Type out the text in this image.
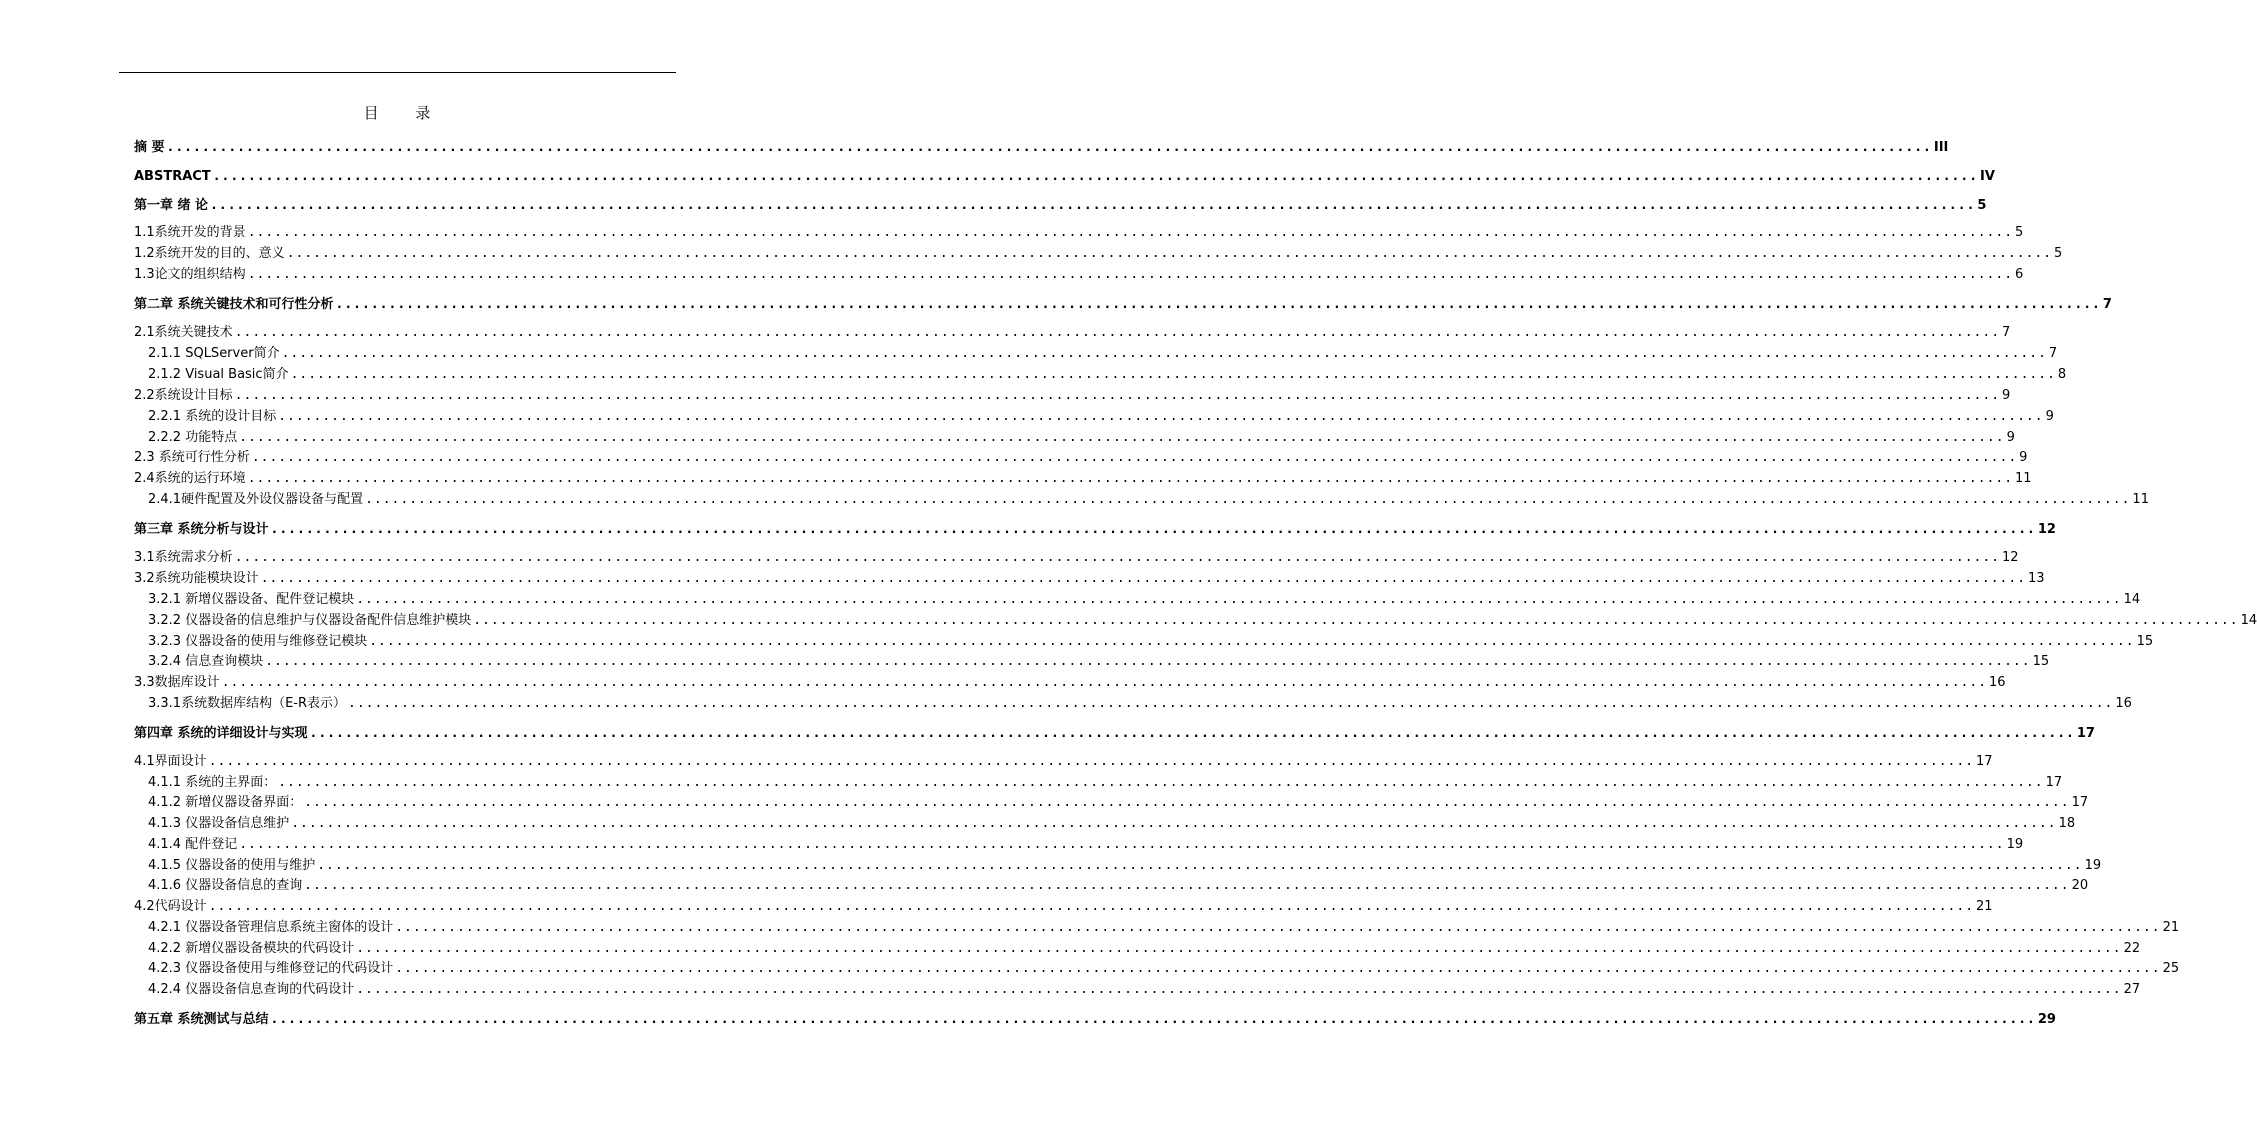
目 录
摘 要 ........................................................................................................................................................................................................ III
ABSTRACT ........................................................................................................................................................................................................ IV
第一章 绪 论 ........................................................................................................................................................................................................ 5
1.1系统开发的背景 ........................................................................................................................................................................................................ 5
1.2系统开发的目的、意义 ........................................................................................................................................................................................................ 5
1.3论文的组织结构 ........................................................................................................................................................................................................ 6
第二章 系统关键技术和可行性分析 ........................................................................................................................................................................................................ 7
2.1系统关键技术 ........................................................................................................................................................................................................ 7
2.1.1 SQLServer简介 ........................................................................................................................................................................................................ 7
2.1.2 Visual Basic简介 ........................................................................................................................................................................................................ 8
2.2系统设计目标 ........................................................................................................................................................................................................ 9
2.2.1 系统的设计目标 ........................................................................................................................................................................................................ 9
2.2.2 功能特点 ........................................................................................................................................................................................................ 9
2.3 系统可行性分析 ........................................................................................................................................................................................................ 9
2.4系统的运行环境 ........................................................................................................................................................................................................ 11
2.4.1硬件配置及外设仪器设备与配置 ........................................................................................................................................................................................................ 11
第三章 系统分析与设计 ........................................................................................................................................................................................................ 12
3.1系统需求分析 ........................................................................................................................................................................................................ 12
3.2系统功能模块设计 ........................................................................................................................................................................................................ 13
3.2.1 新增仪器设备、配件登记模块 ........................................................................................................................................................................................................ 14
3.2.2 仪器设备的信息维护与仪器设备配件信息维护模块 ........................................................................................................................................................................................................ 14
3.2.3 仪器设备的使用与维修登记模块 ........................................................................................................................................................................................................ 15
3.2.4 信息查询模块 ........................................................................................................................................................................................................ 15
3.3数据库设计 ........................................................................................................................................................................................................ 16
3.3.1系统数据库结构（E-R表示） ........................................................................................................................................................................................................ 16
第四章 系统的详细设计与实现 ........................................................................................................................................................................................................ 17
4.1界面设计 ........................................................................................................................................................................................................ 17
4.1.1 系统的主界面： ........................................................................................................................................................................................................ 17
4.1.2 新增仪器设备界面： ........................................................................................................................................................................................................ 17
4.1.3 仪器设备信息维护 ........................................................................................................................................................................................................ 18
4.1.4 配件登记 ........................................................................................................................................................................................................ 19
4.1.5 仪器设备的使用与维护 ........................................................................................................................................................................................................ 19
4.1.6 仪器设备信息的查询 ........................................................................................................................................................................................................ 20
4.2代码设计 ........................................................................................................................................................................................................ 21
4.2.1 仪器设备管理信息系统主窗体的设计 ........................................................................................................................................................................................................ 21
4.2.2 新增仪器设备模块的代码设计 ........................................................................................................................................................................................................ 22
4.2.3 仪器设备使用与维修登记的代码设计 ........................................................................................................................................................................................................ 25
4.2.4 仪器设备信息查询的代码设计 ........................................................................................................................................................................................................ 27
第五章 系统测试与总结 ........................................................................................................................................................................................................ 29
